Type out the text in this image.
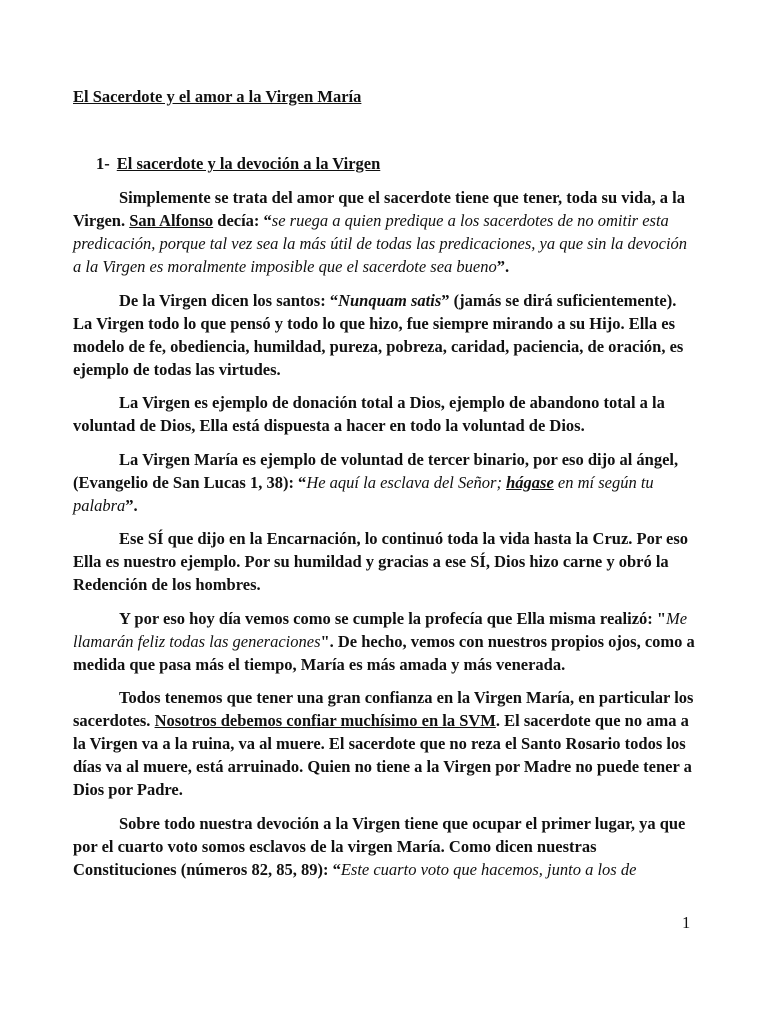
El Sacerdote y el amor a la Virgen María
1- El sacerdote y la devoción a la Virgen

Simplemente se trata del amor que el sacerdote tiene que tener, toda su vida, a la Virgen. San Alfonso decía: “se ruega a quien predique a los sacerdotes de no omitir esta predicación, porque tal vez sea la más útil de todas las predicaciones, ya que sin la devoción a la Virgen es moralmente imposible que el sacerdote sea bueno”.

De la Virgen dicen los santos: “Nunquam satis” (jamás se dirá suficientemente). La Virgen todo lo que pensó y todo lo que hizo, fue siempre mirando a su Hijo. Ella es modelo de fe, obediencia, humildad, pureza, pobreza, caridad, paciencia, de oración, es ejemplo de todas las virtudes.

La Virgen es ejemplo de donación total a Dios, ejemplo de abandono total a la voluntad de Dios, Ella está dispuesta a hacer en todo la voluntad de Dios.

La Virgen María es ejemplo de voluntad de tercer binario, por eso dijo al ángel, (Evangelio de San Lucas 1, 38): “He aquí la esclava del Señor; hágase en mí según tu palabra”.

Ese SÍ que dijo en la Encarnación, lo continuó toda la vida hasta la Cruz. Por eso Ella es nuestro ejemplo. Por su humildad y gracias a ese SÍ, Dios hizo carne y obró la Redención de los hombres.

Y por eso hoy día vemos como se cumple la profecía que Ella misma realizó: "Me llamarán feliz todas las generaciones". De hecho, vemos con nuestros propios ojos, como a medida que pasa más el tiempo, María es más amada y más venerada.

Todos tenemos que tener una gran confianza en la Virgen María, en particular los sacerdotes. Nosotros debemos confiar muchísimo en la SVM. El sacerdote que no ama a la Virgen va a la ruina, va al muere. El sacerdote que no reza el Santo Rosario todos los días va al muere, está arruinado. Quien no tiene a la Virgen por Madre no puede tener a Dios por Padre.

Sobre todo nuestra devoción a la Virgen tiene que ocupar el primer lugar, ya que por el cuarto voto somos esclavos de la virgen María. Como dicen nuestras Constituciones (números 82, 85, 89): “Este cuarto voto que hacemos, junto a los de

1
